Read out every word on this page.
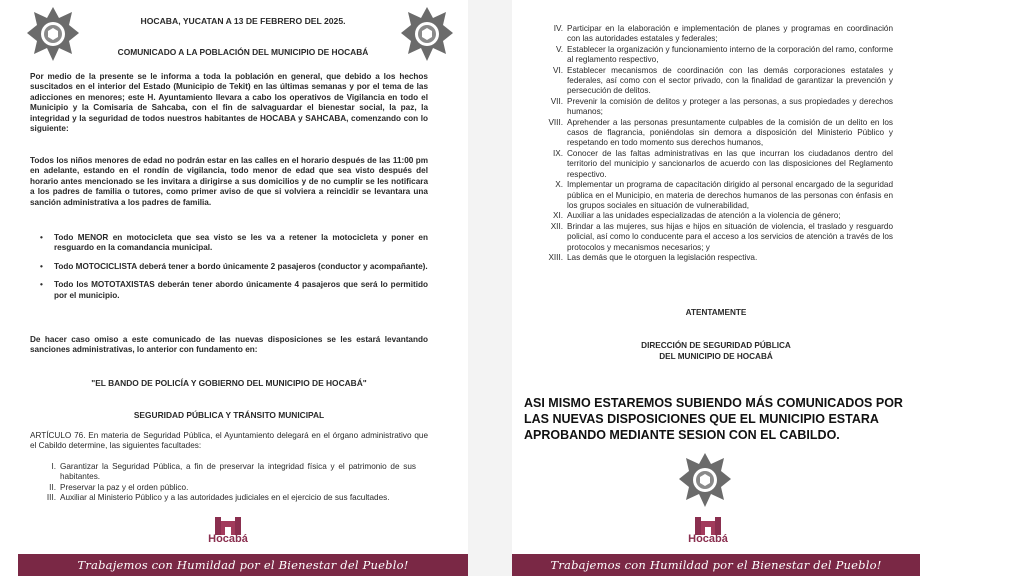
HOCABA, YUCATAN A 13 DE FEBRERO DEL 2025.

COMUNICADO A LA POBLACIÓN DEL MUNICIPIO DE HOCABÁ

Por medio de la presente se le informa a toda la población en general, que debido a los hechos suscitados en el interior del Estado (Municipio de Tekit) en las últimas semanas y por el tema de las adicciones en menores; este H. Ayuntamiento llevara a cabo los operativos de Vigilancia en todo el Municipio y la Comisaria de Sahcaba, con el fin de salvaguardar el bienestar social, la paz, la integridad y la seguridad de todos nuestros habitantes de HOCABA y SAHCABA, comenzando con lo siguiente:

Todos los niños menores de edad no podrán estar en las calles en el horario después de las 11:00 pm en adelante, estando en el rondín de vigilancia, todo menor de edad que sea visto después del horario antes mencionado se les invitara a dirigirse a sus domicilios y de no cumplir se les notificara a los padres de familia o tutores, como primer aviso de que si volviera a reincidir se levantara una sanción administrativa a los padres de familia.

• Todo MENOR en motocicleta que sea visto se les va a retener la motocicleta y poner en resguardo en la comandancia municipal.
• Todo MOTOCICLISTA deberá tener a bordo únicamente 2 pasajeros (conductor y acompañante).
• Todo los MOTOTAXISTAS deberán tener abordo únicamente 4 pasajeros que será lo permitido por el municipio.

De hacer caso omiso a este comunicado de las nuevas disposiciones se les estará levantando sanciones administrativas, lo anterior con fundamento en:

"EL BANDO DE POLICÍA Y GOBIERNO DEL MUNICIPIO DE HOCABÁ"

SEGURIDAD PÚBLICA Y TRÁNSITO MUNICIPAL

ARTÍCULO 76. En materia de Seguridad Pública, el Ayuntamiento delegará en el órgano administrativo que el Cabildo determine, las siguientes facultades:

I. Garantizar la Seguridad Pública, a fin de preservar la integridad física y el patrimonio de sus habitantes.
II. Preservar la paz y el orden público.
III. Auxiliar al Ministerio Público y a las autoridades judiciales en el ejercicio de sus facultades.
Hocabá
Trabajemos con Humildad por el Bienestar del Pueblo!
IV. Participar en la elaboración e implementación de planes y programas en coordinación con las autoridades estatales y federales;
V. Establecer la organización y funcionamiento interno de la corporación del ramo, conforme al reglamento respectivo,
VI. Establecer mecanismos de coordinación con las demás corporaciones estatales y federales, así como con el sector privado, con la finalidad de garantizar la prevención y persecución de delitos.
VII. Prevenir la comisión de delitos y proteger a las personas, a sus propiedades y derechos humanos;
VIII. Aprehender a las personas presuntamente culpables de la comisión de un delito en los casos de flagrancia, poniéndolas sin demora a disposición del Ministerio Público y respetando en todo momento sus derechos humanos,
IX. Conocer de las faltas administrativas en las que incurran los ciudadanos dentro del territorio del municipio y sancionarlos de acuerdo con las disposiciones del Reglamento respectivo.
X. Implementar un programa de capacitación dirigido al personal encargado de la seguridad pública en el Municipio, en materia de derechos humanos de las personas con énfasis en los grupos sociales en situación de vulnerabilidad,
XI. Auxiliar a las unidades especializadas de atención a la violencia de género;
XII. Brindar a las mujeres, sus hijas e hijos en situación de violencia, el traslado y resguardo policial, así como lo conducente para el acceso a los servicios de atención a través de los protocolos y mecanismos necesarios; y
XIII. Las demás que le otorguen la legislación respectiva.

ATENTAMENTE

DIRECCIÓN DE SEGURIDAD PÚBLICA

DEL MUNICIPIO DE HOCABÁ

ASI MISMO ESTAREMOS SUBIENDO MÁS COMUNICADOS POR LAS NUEVAS DISPOSICIONES QUE EL MUNICIPIO ESTARA APROBANDO MEDIANTE SESION CON EL CABILDO.

Hocabá
Trabajemos con Humildad por el Bienestar del Pueblo!
